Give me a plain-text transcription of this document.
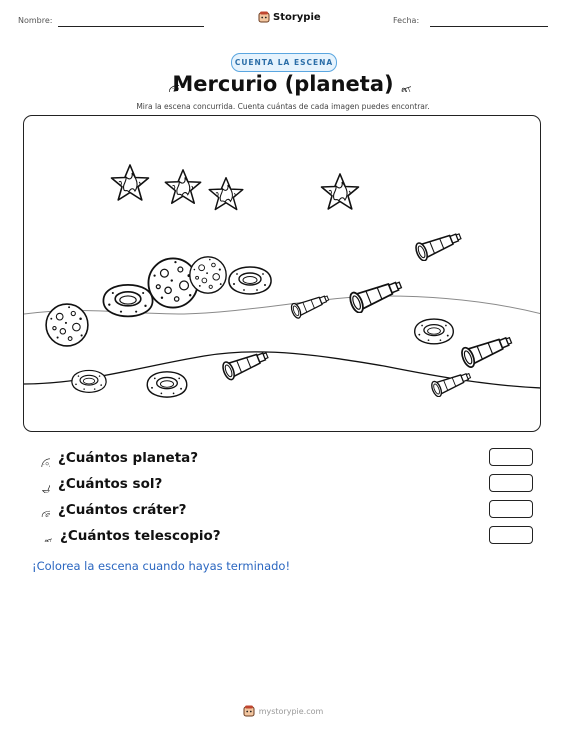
Nombre:	Storypie	Fecha:
CUENTA LA ESCENA
Mercurio (planeta)
Mira la escena concurrida. Cuenta cuántas de cada imagen puedes encontrar.
¿Cuántos planeta?
¿Cuántos sol?
¿Cuántos cráter?
¿Cuántos telescopio?
¡Colorea la escena cuando hayas terminado!
mystorypie.com
